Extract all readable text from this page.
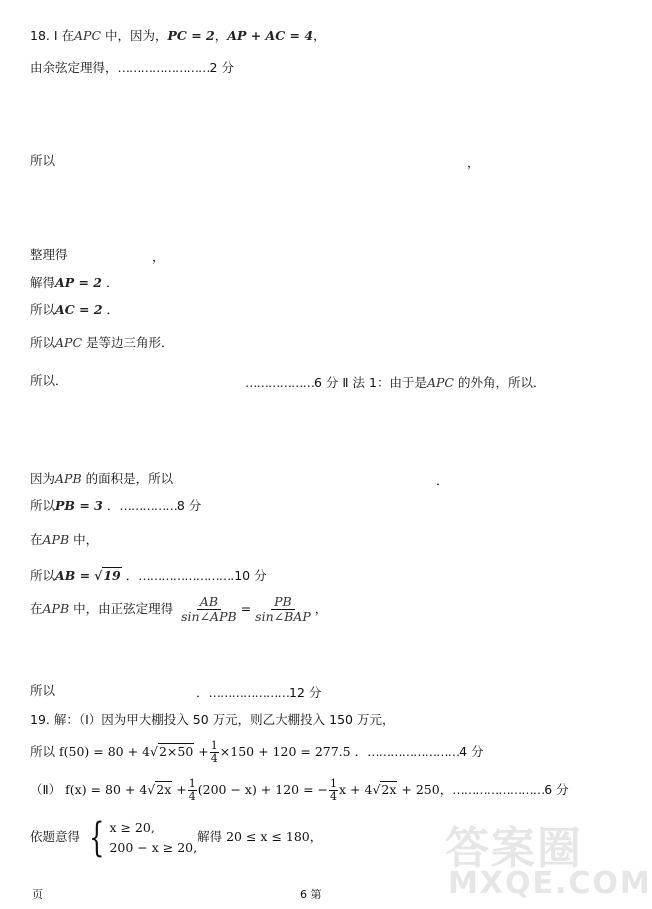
18. I 在APC 中，因为，PC = 2，AP + AC = 4，
由余弦定理得，……………………2 分
所以	，
整理得	，
解得AP = 2 ．
所以AC = 2 ．
所以APC 是等边三角形．
所以．	………………6 分 Ⅱ 法 1：由于是APC 的外角，所以．
因为APB 的面积是，所以	．
所以PB = 3 ．……………8 分
在APB 中，
所以AB = √19 ．…………………….10 分
在APB 中，由正弦定理得 $\frac{AB}{\text{sin∠APB}} = \frac{PB}{\text{sin∠BAP}}$ ，
所以	．…………………12 分
19. 解：（Ⅰ）因为甲大棚投入 50 万元，则乙大棚投入 150 万元，
所以 $f(50) = 80 + 4√2\times 50 + \frac{1}{4} \times 150 + 120 = 277.5$ ．……………………4 分
（Ⅱ） $f(x) = 80 + 4√2x + \frac{1}{4} (200 - x) + 120$ = − $\frac{1}{4}$ x + 4√2x + 250，……………………6 分
依题意得 { x ≥ 20,
200 − x ≥ 20,
解得 20 ≤ x ≤ 180，	答案圈
MXQE.COM
页	6 第
